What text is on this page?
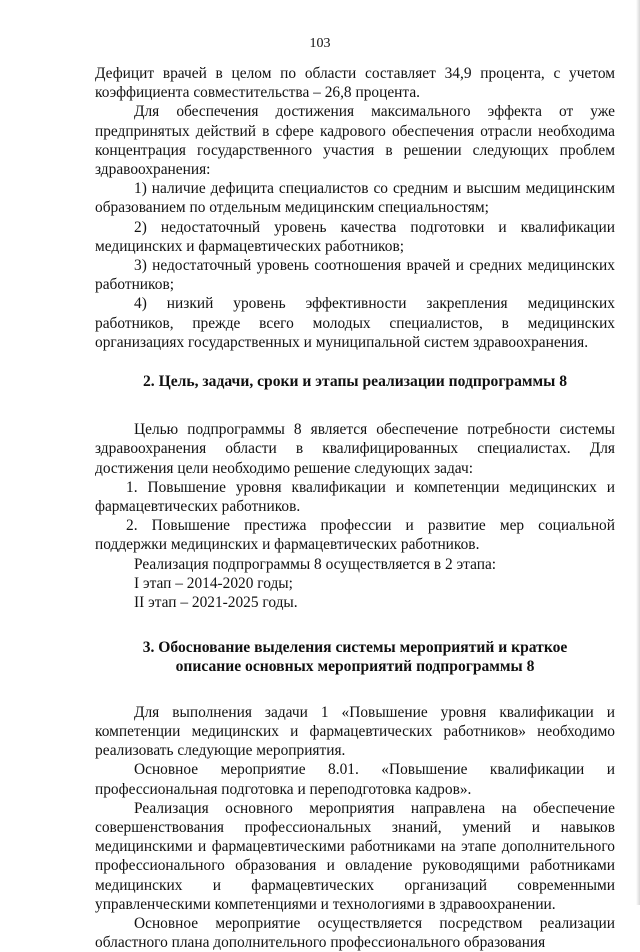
103

Дефицит врачей в целом по области составляет 34,9 процента, с учетом коэффициента совместительства – 26,8 процента.

Для обеспечения достижения максимального эффекта от уже предпринятых действий в сфере кадрового обеспечения отрасли необходима концентрация государственного участия в решении следующих проблем здравоохранения:

1) наличие дефицита специалистов со средним и высшим медицинским образованием по отдельным медицинским специальностям;

2) недостаточный уровень качества подготовки и квалификации медицинских и фармацевтических работников;

3) недостаточный уровень соотношения врачей и средних медицинских работников;

4) низкий уровень эффективности закрепления медицинских работников, прежде всего молодых специалистов, в медицинских организациях государственных и муниципальной систем здравоохранения.

2. Цель, задачи, сроки и этапы реализации подпрограммы 8

Целью подпрограммы 8 является обеспечение потребности системы здравоохранения области в квалифицированных специалистах. Для достижения цели необходимо решение следующих задач:

1. Повышение уровня квалификации и компетенции медицинских и фармацевтических работников.

2. Повышение престижа профессии и развитие мер социальной поддержки медицинских и фармацевтических работников.

Реализация подпрограммы 8 осуществляется в 2 этапа:

I этап – 2014-2020 годы;

II этап – 2021-2025 годы.

3. Обоснование выделения системы мероприятий и краткое
описание основных мероприятий подпрограммы 8

Для выполнения задачи 1 «Повышение уровня квалификации и компетенции медицинских и фармацевтических работников» необходимо реализовать следующие мероприятия.

Основное мероприятие 8.01. «Повышение квалификации и профессиональная подготовка и переподготовка кадров».

Реализация основного мероприятия направлена на обеспечение совершенствования профессиональных знаний, умений и навыков медицинскими и фармацевтическими работниками на этапе дополнительного профессионального образования и овладение руководящими работниками медицинских и фармацевтических организаций современными управленческими компетенциями и технологиями в здравоохранении.

Основное мероприятие осуществляется посредством реализации областного плана дополнительного профессионального образования
